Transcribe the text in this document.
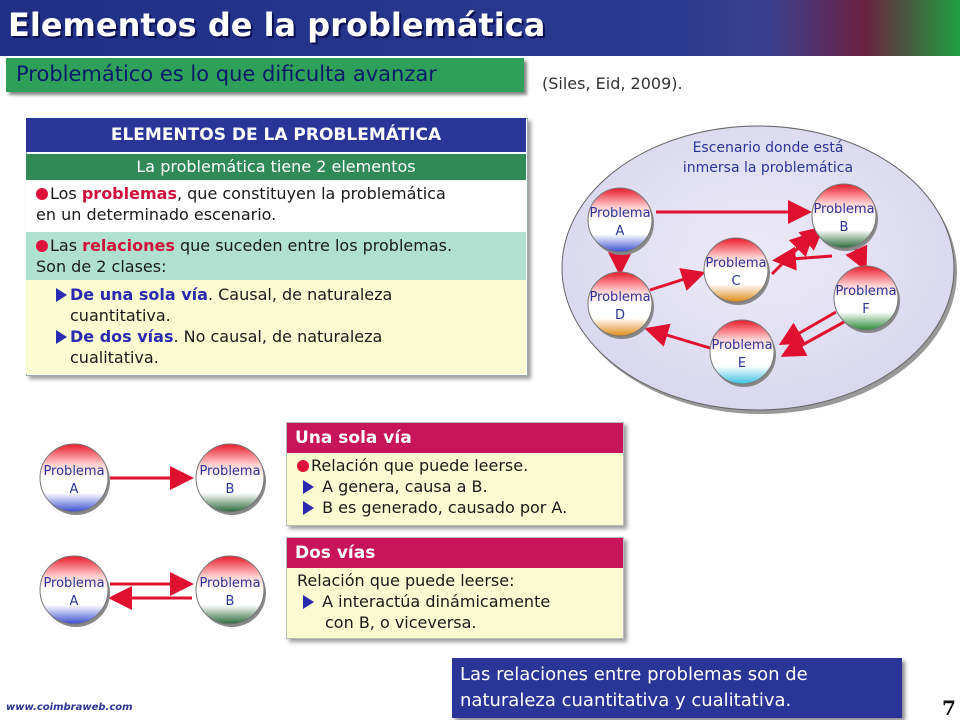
Elementos de la problemática
Problemático es lo que dificulta avanzar	(Siles, Eid, 2009).
ELEMENTOS DE LA PROBLEMÁTICA
La problemática tiene 2 elementos
Los problemas, que constituyen la problemática
en un determinado escenario.
Las relaciones que suceden entre los problemas.
Son de 2 clases:
De una sola vía. Causal, de naturaleza
cuantitativa.
De dos vías. No causal, de naturaleza
cualitativa.
Escenario donde está
inmersa la problemática
Problema
A
Problema
B
Problema
C
Problema
D
Problema
E
Problema
F
Problema
A
Problema
B
Problema
A
Problema
B
Una sola vía
Relación que puede leerse.
A genera, causa a B.
B es generado, causado por A.
Dos vías
Relación que puede leerse:
A interactúa dinámicamente
con B, o viceversa.
Las relaciones entre problemas son de naturaleza cuantitativa y cualitativa.
www.coimbraweb.com	7
